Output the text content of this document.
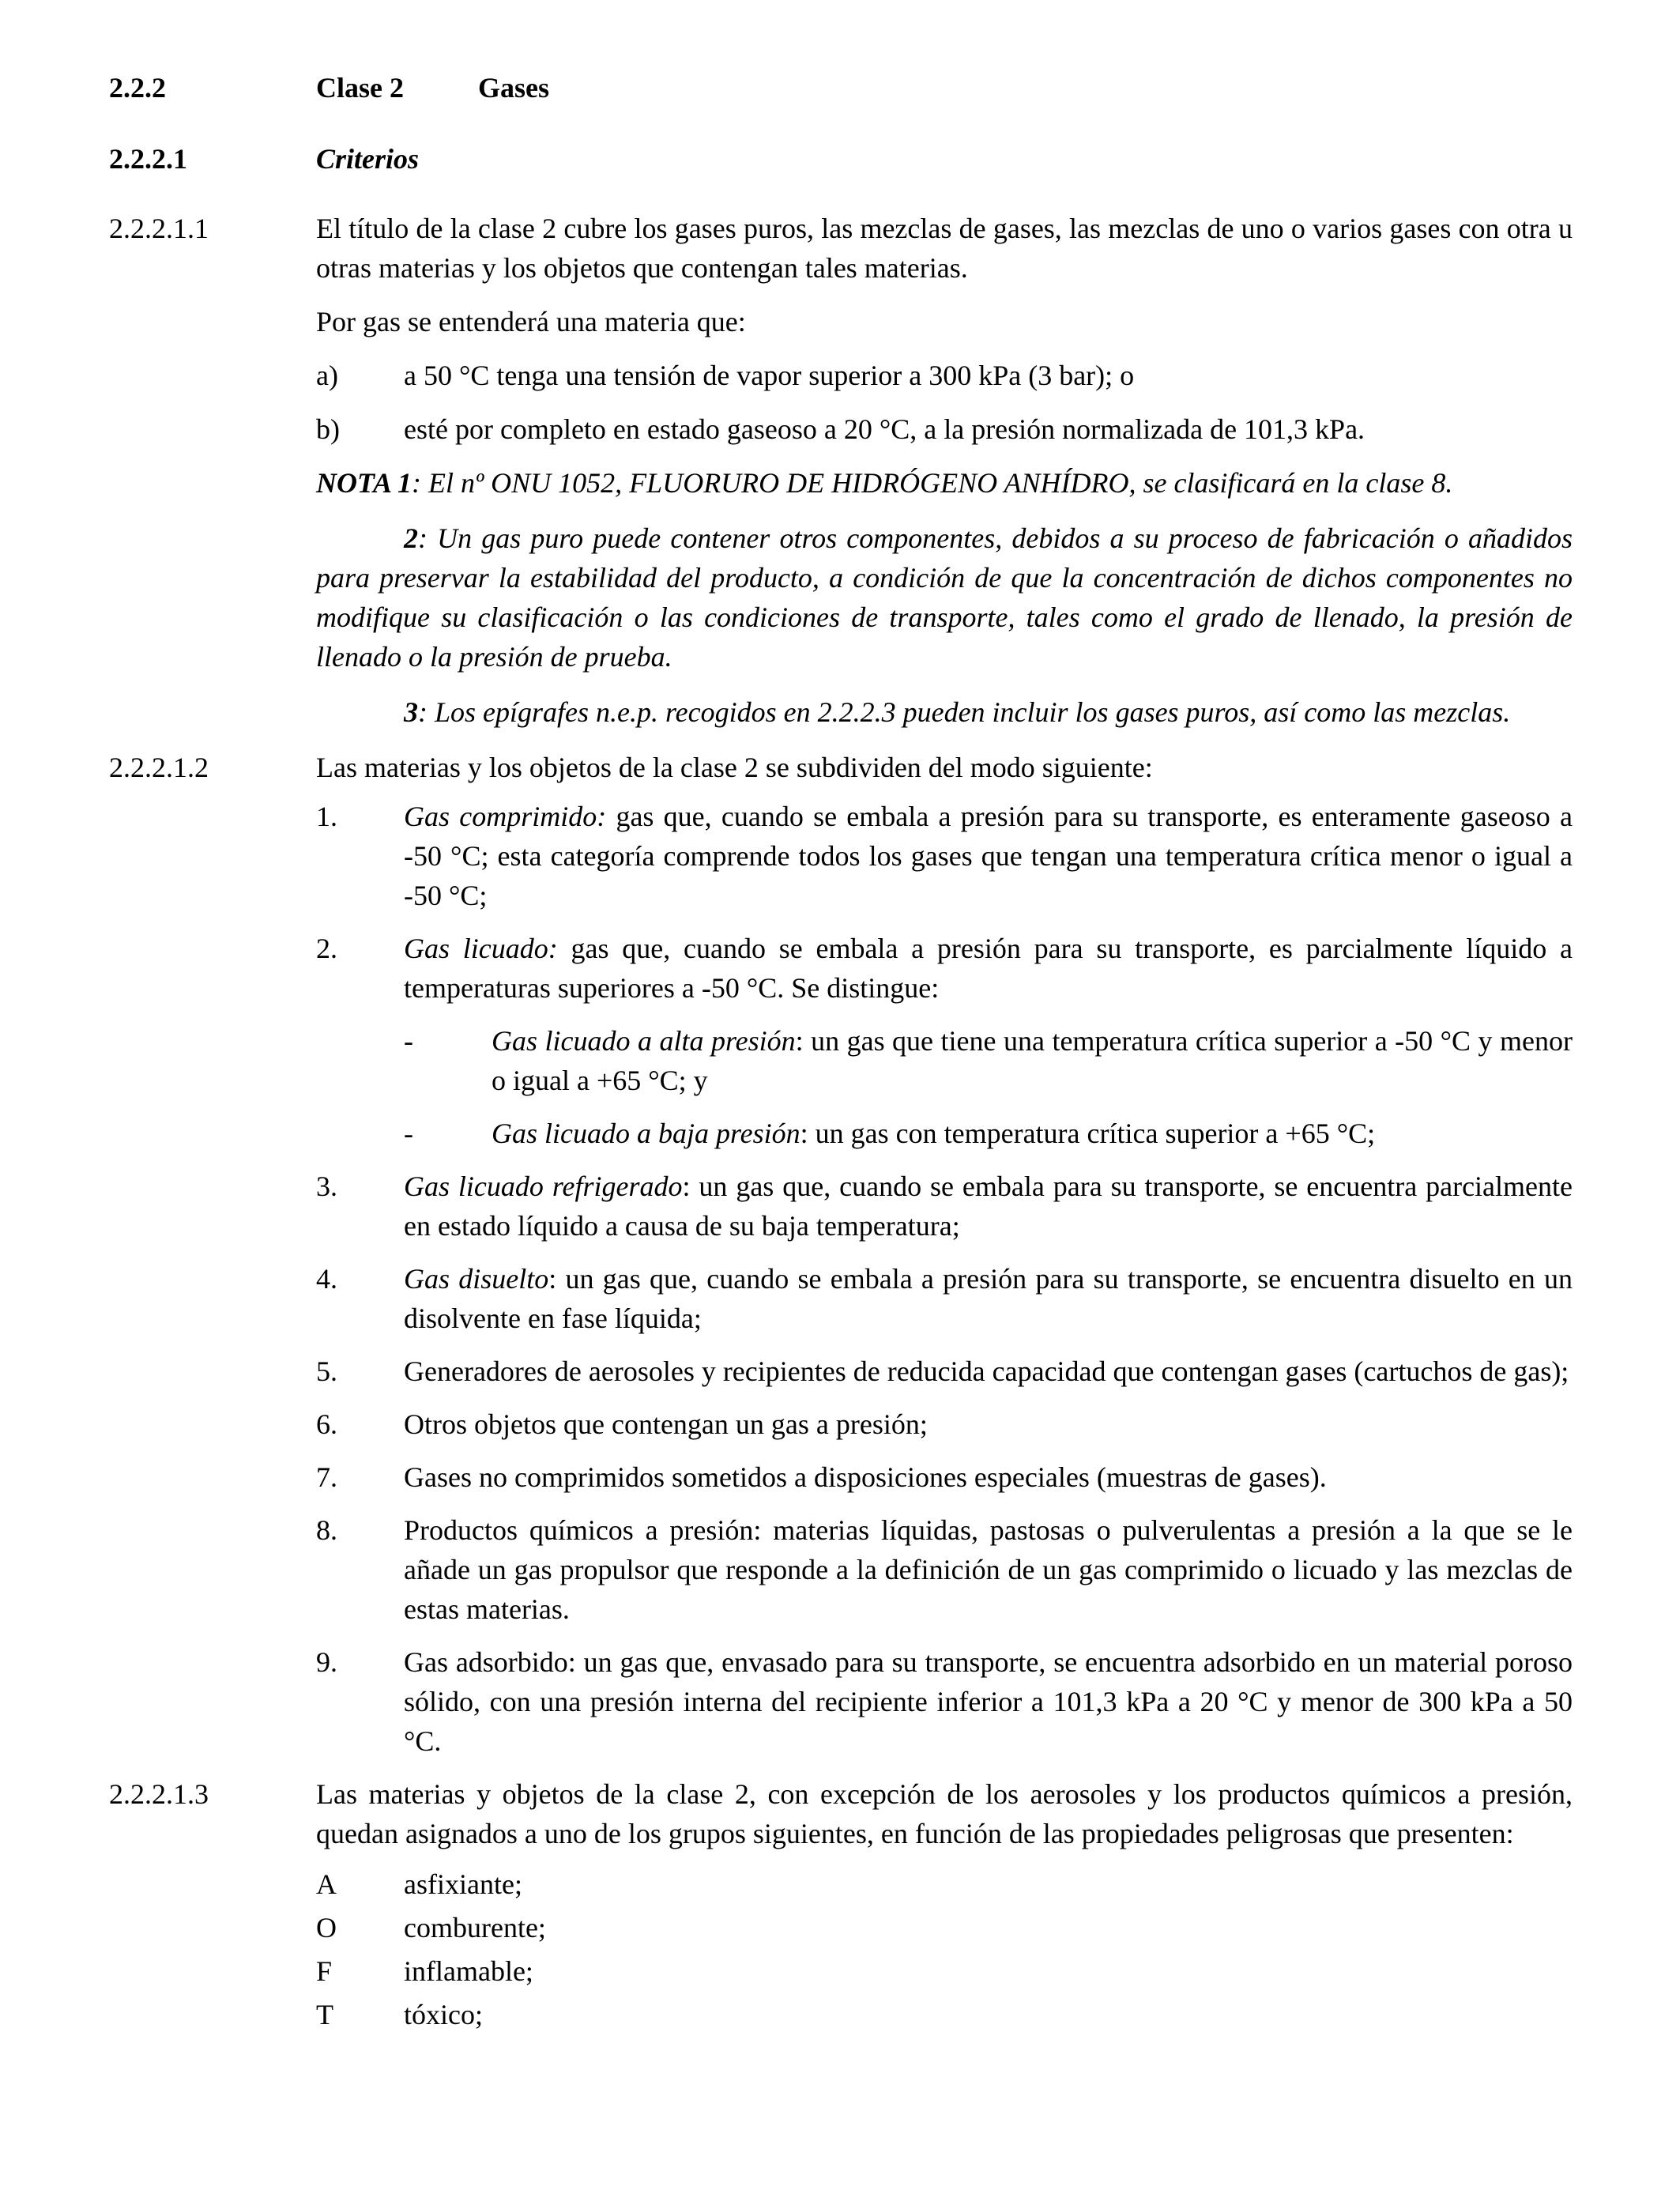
2.2.2	Clase 2	Gases
2.2.2.1	Criterios
2.2.2.1.1	El título de la clase 2 cubre los gases puros, las mezclas de gases, las mezclas de uno o varios gases con otra u otras materias y los objetos que contengan tales materias.
Por gas se entenderá una materia que:
a)	a 50 °C tenga una tensión de vapor superior a 300 kPa (3 bar); o
b)	esté por completo en estado gaseoso a 20 °C, a la presión normalizada de 101,3 kPa.
NOTA 1: El nº ONU 1052, FLUORURO DE HIDRÓGENO ANHÍDRO, se clasificará en la clase 8.
2: Un gas puro puede contener otros componentes, debidos a su proceso de fabricación o añadidos para preservar la estabilidad del producto, a condición de que la concentración de dichos componentes no modifique su clasificación o las condiciones de transporte, tales como el grado de llenado, la presión de llenado o la presión de prueba.
3: Los epígrafes n.e.p. recogidos en 2.2.2.3 pueden incluir los gases puros, así como las mezclas.
2.2.2.1.2	Las materias y los objetos de la clase 2 se subdividen del modo siguiente:
1.	Gas comprimido: gas que, cuando se embala a presión para su transporte, es enteramente gaseoso a -50 °C; esta categoría comprende todos los gases que tengan una temperatura crítica menor o igual a -50 °C;
2.	Gas licuado: gas que, cuando se embala a presión para su transporte, es parcialmente líquido a temperaturas superiores a -50 °C. Se distingue:
-	Gas licuado a alta presión: un gas que tiene una temperatura crítica superior a -50 °C y menor o igual a +65 °C; y
-	Gas licuado a baja presión: un gas con temperatura crítica superior a +65 °C;
3.	Gas licuado refrigerado: un gas que, cuando se embala para su transporte, se encuentra parcialmente en estado líquido a causa de su baja temperatura;
4.	Gas disuelto: un gas que, cuando se embala a presión para su transporte, se encuentra disuelto en un disolvente en fase líquida;
5.	Generadores de aerosoles y recipientes de reducida capacidad que contengan gases (cartuchos de gas);
6.	Otros objetos que contengan un gas a presión;
7.	Gases no comprimidos sometidos a disposiciones especiales (muestras de gases).
8.	Productos químicos a presión: materias líquidas, pastosas o pulverulentas a presión a la que se le añade un gas propulsor que responde a la definición de un gas comprimido o licuado y las mezclas de estas materias.
9.	Gas adsorbido: un gas que, envasado para su transporte, se encuentra adsorbido en un material poroso sólido, con una presión interna del recipiente inferior a 101,3 kPa a 20 °C y menor de 300 kPa a 50 °C.
2.2.2.1.3	Las materias y objetos de la clase 2, con excepción de los aerosoles y los productos químicos a presión, quedan asignados a uno de los grupos siguientes, en función de las propiedades peligrosas que presenten:
A	asfixiante;
O	comburente;
F	inflamable;
T	tóxico;
